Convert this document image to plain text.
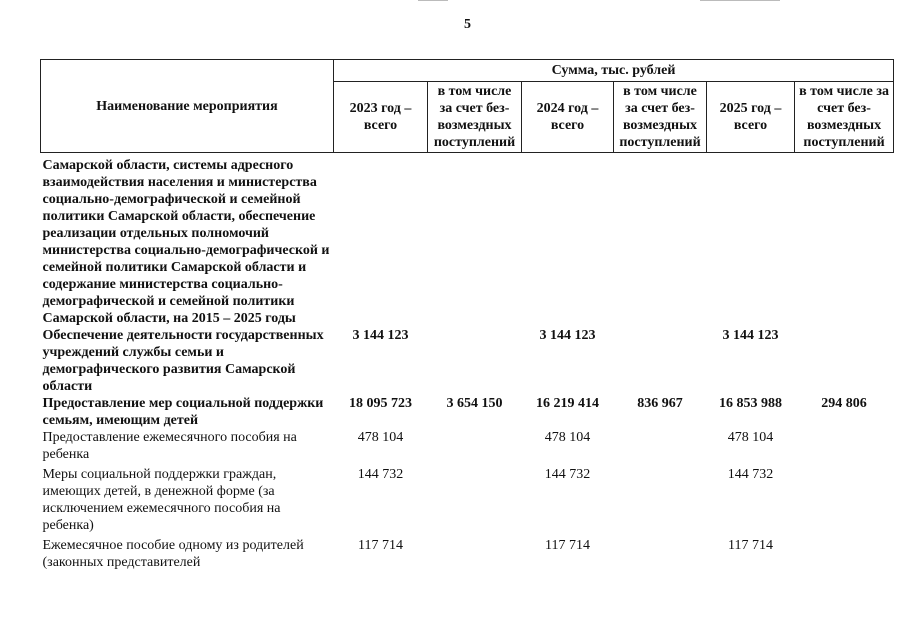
5
Наименование мероприятия	Сумма, тыс. рублей					
	2023 год – всего	в том числе за счет без-возмездных поступлений	2024 год – всего	в том числе за счет без-возмездных поступлений	2025 год – всего	в том числе за счет без-возмездных поступлений
Самарской области, системы адресного взаимодействия населения и министерства социально-демографической и семейной политики Самарской области, обеспечение реализации отдельных полномочий министерства социально-демографической и семейной политики Самарской области и содержание министерства социально-демографической и семейной политики Самарской области, на 2015 – 2025 годы						
Обеспечение деятельности государственных учреждений службы семьи и демографического развития Самарской области	3 144 123		3 144 123		3 144 123	
Предоставление мер социальной поддержки семьям, имеющим детей	18 095 723	3 654 150	16 219 414	836 967	16 853 988	294 806
Предоставление ежемесячного пособия на ребенка	478 104		478 104		478 104	
Меры социальной поддержки граждан, имеющих детей, в денежной форме (за исключением ежемесячного пособия на ребенка)	144 732		144 732		144 732	
Ежемесячное пособие одному из родителей (законных представителей	117 714		117 714		117 714	
